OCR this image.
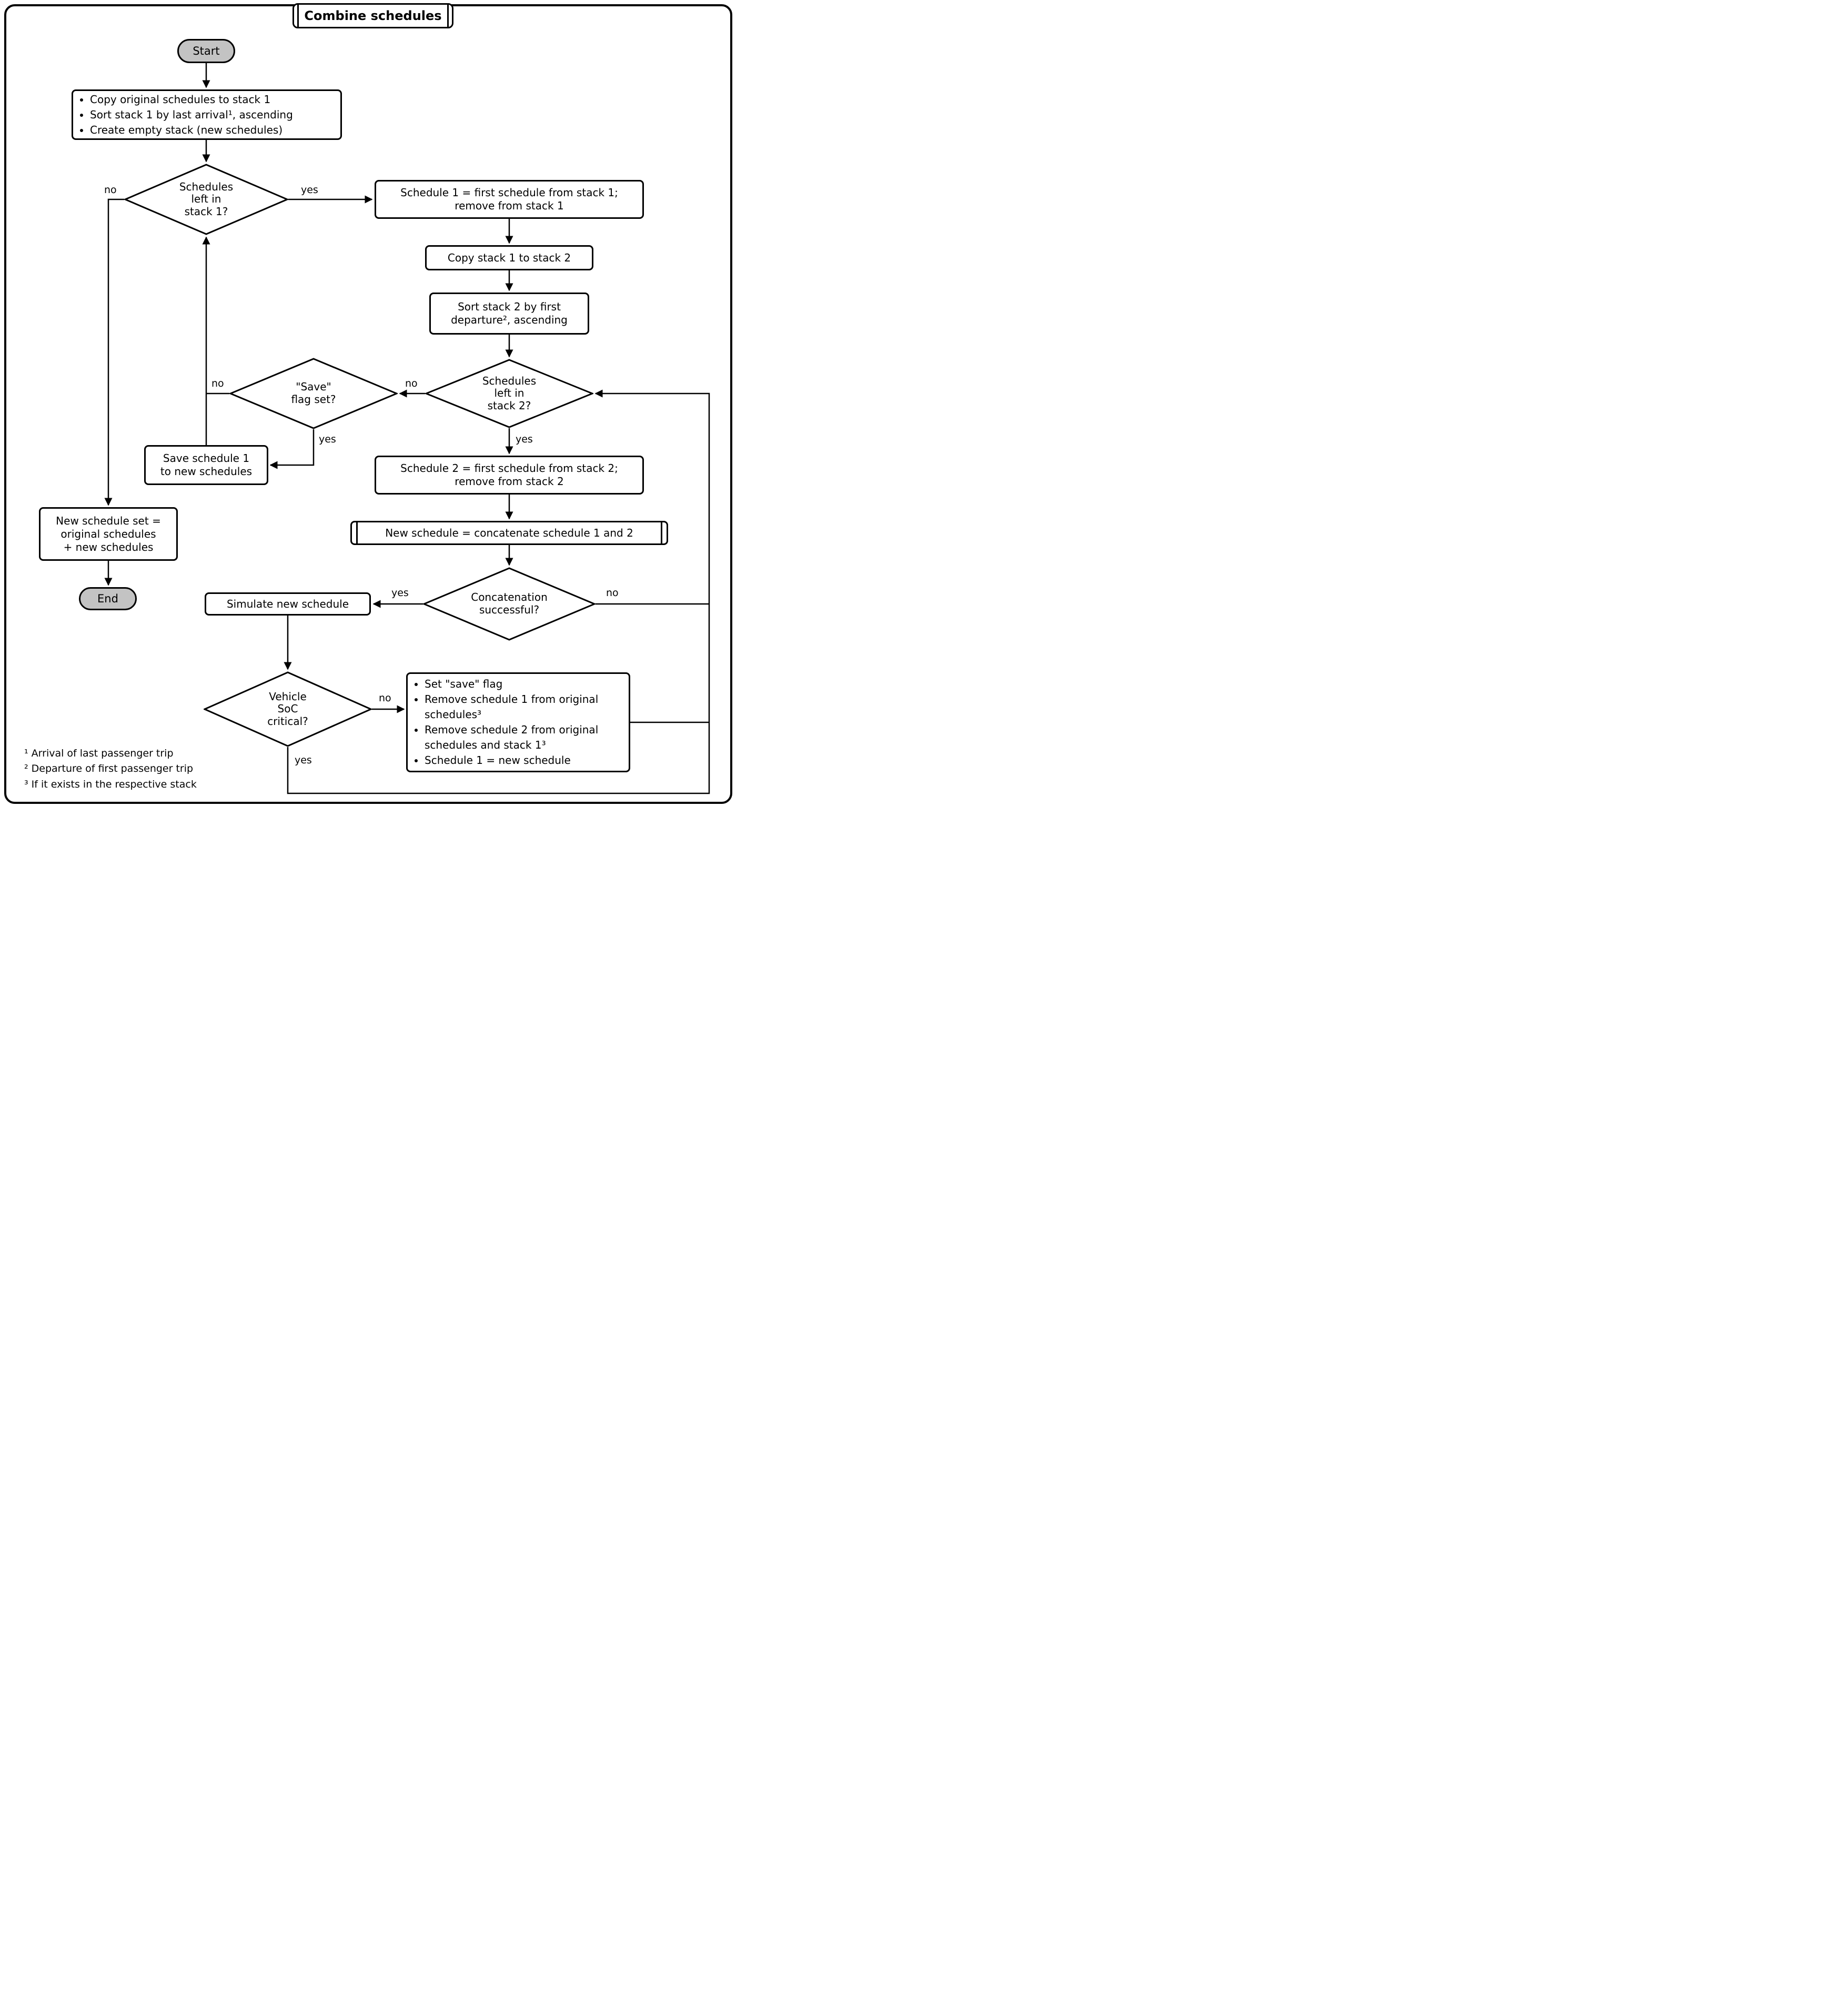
Combine schedules
Start
• Copy original schedules to stack 1
• Sort stack 1 by last arrival¹, ascending
• Create empty stack (new schedules)
Schedules
left in
stack 1?
Schedule 1 = first schedule from stack 1;
remove from stack 1
Copy stack 1 to stack 2
Sort stack 2 by first
departure², ascending
Schedules
left in
stack 2?
"Save"
flag set?
Save schedule 1
to new schedules	Schedule 2 = first schedule from stack 2;
remove from stack 2
New schedule = concatenate schedule 1 and 2
Concatenation
successful?
Simulate new schedule
Vehicle
SoC
critical?
• Set "save" flag
• Remove schedule 1 from original schedules³
• Remove schedule 2 from original schedules and stack 1³
• Schedule 1 = new schedule
New schedule set =
original schedules
+ new schedules
End
yes
no
no
yes
no
yes
yes	no
no
yes
¹ Arrival of last passenger trip
² Departure of first passenger trip
³ If it exists in the respective stack
